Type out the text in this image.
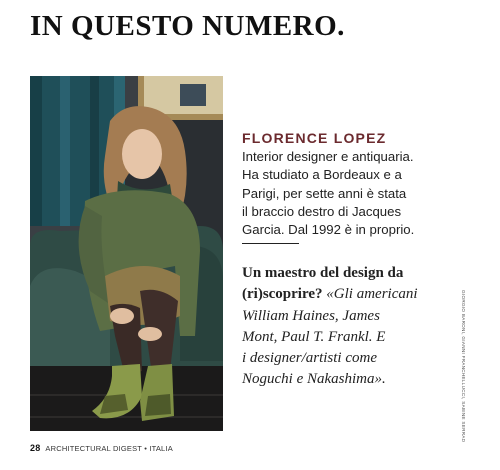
IN QUESTO NUMERO.
FLORENCE LOPEZ
Interior designer e antiquaria.
Ha studiato a Bordeaux e a
Parigi, per sette anni è stata
il braccio destro di Jacques
Garcia. Dal 1992 è in proprio.
Un maestro del design da
(ri)scoprire? «Gli americani
William Haines, James
Mont, Paul T. Frankl. E
i designer/artisti come
Noguchi e Nakashima».	GIORGIO BARONI, GIANNI FRANCHELLUCCI, SABINE SERRAD
28 ARCHITECTURAL DIGEST • ITALIA
